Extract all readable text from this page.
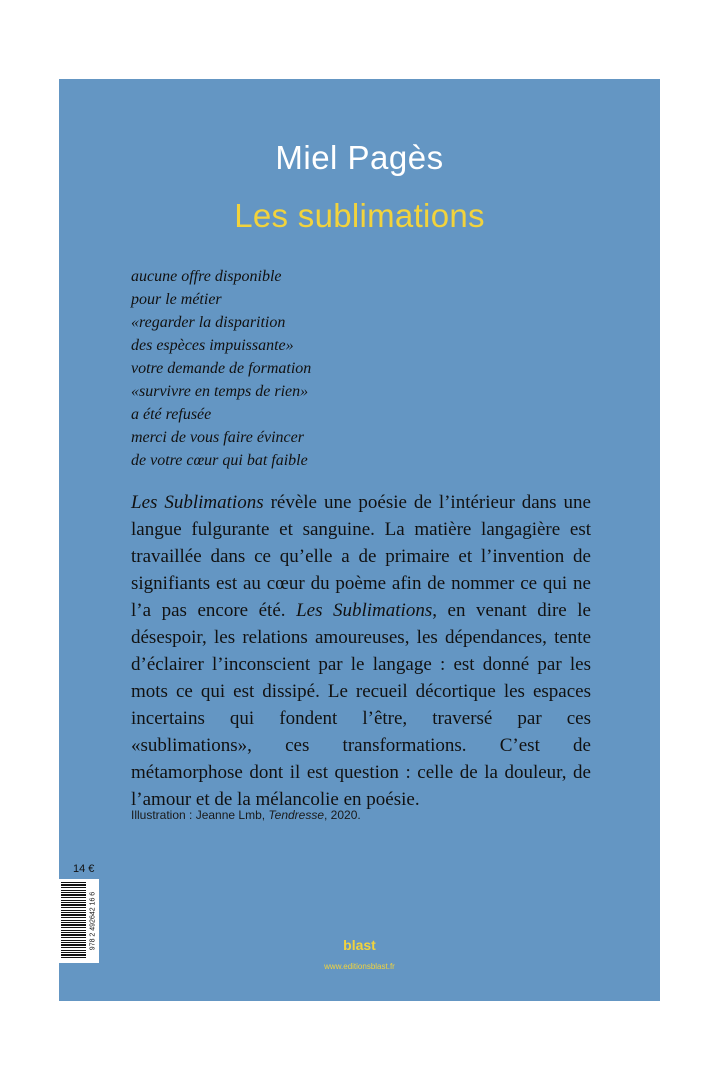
Miel Pagès
Les sublimations
aucune offre disponible
pour le métier
«regarder la disparition
des espèces impuissante»
votre demande de formation
«survivre en temps de rien»
a été refusée
merci de vous faire évincer
de votre cœur qui bat faible
Les Sublimations révèle une poésie de l’intérieur dans une langue fulgurante et sanguine. La matière langagière est travaillée dans ce qu’elle a de primaire et l’invention de signifiants est au cœur du poème afin de nommer ce qui ne l’a pas encore été. Les Sublimations, en venant dire le désespoir, les relations amoureuses, les dépendances, tente d’éclairer l’inconscient par le langage : est donné par les mots ce qui est dissipé. Le recueil décortique les espaces incertains qui fondent l’être, traversé par ces «sublimations», ces transformations. C’est de métamorphose dont il est question : celle de la douleur, de l’amour et de la mélancolie en poésie.
Illustration : Jeanne Lmb, Tendresse, 2020.
14 €
978 2 492642 16 6	blast
www.editionsblast.fr
